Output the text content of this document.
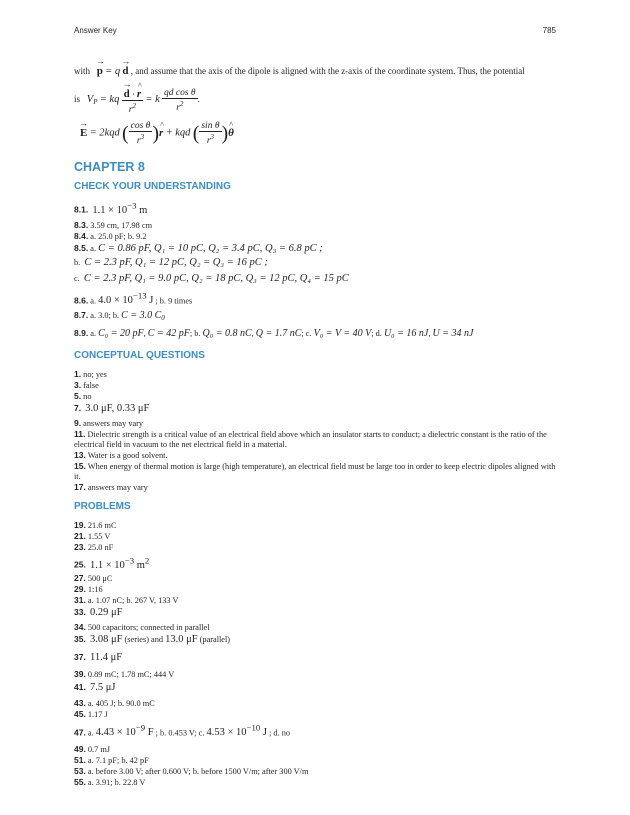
Answer Key	785
with → p = q → d , and assume that the axis of the dipole is aligned with the z-axis of the coordinate system. Thus, the potential
is $V_P$ = kq → $\frac{d \cdot \^{} r}{r^2} = k \frac{\text{qd cos θ}}{r^2}$ .
→ E = 2kqd ( $\frac{\text{cos θ}}{r^3}$ )^ r + kqd ( $\frac{\text{sin θ}}{r^3}$ )^ θ
CHAPTER 8
CHECK YOUR UNDERSTANDING
8.1. $1.1 \times 10^{-3}$ m
8.3. 3.59 cm, 17.98 cm
8.4. a. 25.0 pF; b. 9.2
8.5. a. C = 0.86 pF, Q₁ = 10 pC, Q₂ = 3.4 pC, Q₃ = 6.8 pC ;
b. C = 2.3 pF, Q₁ = 12 pC, Q₂ = Q₃ = 16 pC ;
c. C = 2.3 pF, Q₁ = 9.0 pC, Q₂ = 18 pC, Q₃ = 12 pC, Q₄ = 15 pC
8.6. a. $4.0 \times 10^{-13}$ J ; b. 9 times
8.7. a. 3.0; b. C = 3.0 $C_0$
8.9. a. C₀ = 20 pF, C = 42 pF; b. Q₀ = 0.8 nC, Q = 1.7 nC; c. V₀ = V = 40 V; d. U₀ = 16 nJ, U = 34 nJ
CONCEPTUAL QUESTIONS
1. no; yes
3. false
5. no
7. 3.0 μF, 0.33 μF
9. answers may vary
11. Dielectric strength is a critical value of an electrical field above which an insulator starts to conduct; a dielectric constant is the ratio of the electrical field in vacuum to the net electrical field in a material.
13. Water is a good solvent.
15. When energy of thermal motion is large (high temperature), an electrical field must be large too in order to keep electric dipoles aligned with it.
17. answers may vary
PROBLEMS
19. 21.6 mC
21. 1.55 V
23. 25.0 nF
25. $1.1 \times 10^{-3}$ $m^2$
27. 500 μC
29. 1:16
31. a. 1.07 nC; b. 267 V, 133 V
33. 0.29 μF
34. 500 capacitors; connected in parallel
35. 3.08 μF (series) and 13.0 μF (parallel)
37. 11.4 μF
39. 0.89 mC; 1.78 mC; 444 V
41. 7.5 μJ
43. a. 405 J; b. 90.0 mC
45. 1.17 J
47. a. $4.43 \times 10^{-9}$ F ; b. 0.453 V; c. $4.53 \times 10^{-10}$ J ; d. no
49. 0.7 mJ
51. a. 7.1 pF; b. 42 pF
53. a. before 3.00 V; after 0.600 V; b. before 1500 V/m; after 300 V/m
55. a. 3.91; b. 22.8 V
